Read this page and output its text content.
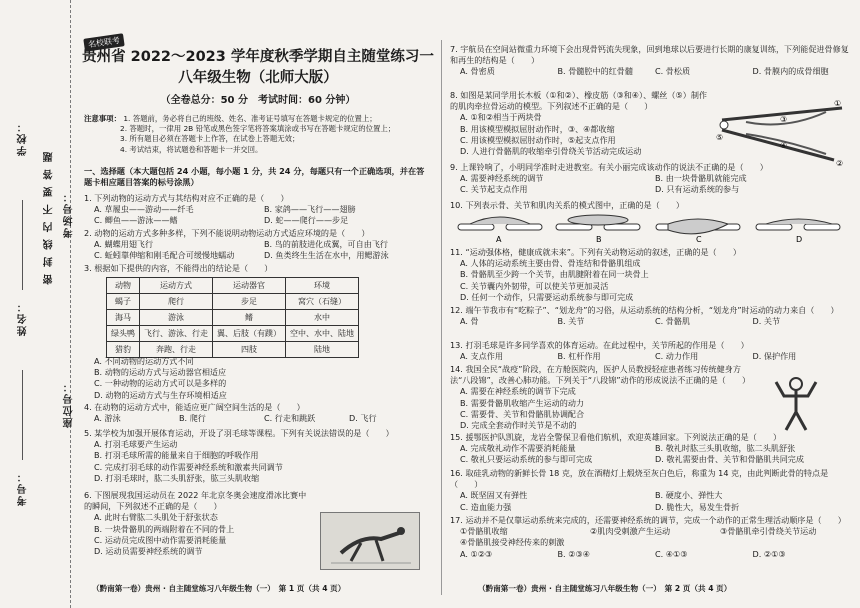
考号：
姓名：
学校：
密 封 线 内 不 要 答 题 考场号：
座位号：
贵州省 2022～2023 学年度秋季学期自主随堂练习一
八年级生物（北师大版）
（全卷总分：50 分　考试时间：60 分钟）
注意事项： 1. 答题前，务必将自己的班级、姓名、准考证号填写在答题卡规定的位置上；
2. 答题时，一律用 2B 铅笔或黑色签字笔将答案填涂或书写在答题卡规定的位置上；
3. 所有题目必须在答题卡上作答，在试卷上答题无效；
4. 考试结束，将试题卷和答题卡一并交回。
一、选择题（本大题包括 24 小题，每小题 1 分，共 24 分，每题只有一个正确选项，并在答题卡相应题目答案的标号涂黑）
1. 下列动物的运动方式与其结构对应不正确的是（　　）
A. 草履虫——游动——纤毛	B. 家鸽——飞行——翅膀
C. 鲫鱼——游泳——鳍	D. 蛇——爬行——步足
2. 动物的运动方式多种多样，下列不能说明动物运动方式适应环境的是（　　）
A. 蝴蝶用翅飞行	B. 鸟的前肢进化成翼，可自由飞行
C. 蚯蚓靠伸缩和刚毛配合可缓慢地蠕动	D. 鱼类终生生活在水中，用鳃游泳
3. 根据如下提供的内容，不能得出的结论是（　　）
动物	运动方式	运动器官	环境
蝎子	爬行	步足	窝穴（石缝）
海马	游泳	鳍	水中
绿头鸭	飞行、游泳、行走	翼、后肢（有蹼）	空中、水中、陆地
猎豹	奔跑、行走	四肢	陆地
A. 不同动物的运动方式不同
B. 动物的运动方式与运动器官相适应
C. 一种动物的运动方式可以是多样的
D. 动物的运动方式与生存环境相适应
4. 在动物的运动方式中，能适应更广阔空间生活的是（　　）
A. 游泳	B. 爬行	C. 行走和跳跃	D. 飞行
5. 某学校为加强开展体育运动，开设了羽毛球等课程。下列有关说法错误的是（　　）
A. 打羽毛球要产生运动
B. 打羽毛球所需的能量来自于细胞的呼吸作用
C. 完成打羽毛球的动作需要神经系统和激素共同调节
D. 打羽毛球时，肱二头肌舒张，肱三头肌收缩
6. 下图展现我国运动员在 2022 年北京冬奥会速度滑冰比赛中的瞬间，下列叙述不正确的是（　　）
A. 此时右臂肱二头肌处于舒张状态
B. 一块骨骼肌的两端附着在不同的骨上
C. 运动员完成图中动作需要消耗能量
D. 运动员需要神经系统的调节
（黔南第一卷）贵州 · 自主随堂练习八年级生物（一）　第 1 页（共 4 页）
名校联考	7. 宇航员在空间站微重力环境下会出现骨钙流失现象，回到地球以后要进行长期的康复训练，下列能促进骨修复和再生的结构是（　　）
A. 骨密质	B. 骨髓腔中的红骨髓	C. 骨松质	D. 骨膜内的成骨细胞
8. 如图是某同学用长木板（①和②）、橡皮筋（③和④）、螺丝（⑤）制作的肌肉牵拉骨运动的模型。下列叙述不正确的是（　　）
A. ①和②相当于两块骨
B. 用该模型模拟屈肘动作时，③、④都收缩
C. 用该模型模拟屈肘动作时，⑤起支点作用
D. 人进行骨骼肌的收缩牵引骨绕关节活动完成运动
①
②
③
④
⑤
9. 上课铃响了，小明同学准时走进教室。有关小丽完成该动作的说法不正确的是（　　）
A. 需要神经系统的调节	B. 由一块骨骼肌就能完成
C. 关节起支点作用	D. 只有运动系统的参与
10. 下列表示骨、关节和肌肉关系的模式图中，正确的是（　　）
A	B	C	D
11. “运动强体格，健康成就未来”。下列有关动物运动的叙述，正确的是（　　）
A. 人体的运动系统主要由骨、骨连结和骨骼肌组成
B. 骨骼肌至少跨一个关节，由肌腱附着在同一块骨上
C. 关节囊内外韧带，可以使关节更加灵活
D. 任何一个动作，只需要运动系统参与即可完成
12. 端午节我市有“吃粽子”、“划龙舟”的习俗，从运动系统的结构分析，“划龙舟”时运动的动力来自（　　）
A. 骨	B. 关节	C. 骨骼肌	D. 关节
13. 打羽毛球是许多同学喜欢的体育运动。在此过程中，关节所起的作用是（　　）
A. 支点作用	B. 杠杆作用	C. 动力作用	D. 保护作用
14. 我国全民“战疫”阶段，在方舱医院内，医护人员教授轻症患者练习传统健身方法“八段锦”，改善心肺功能。下列关于“八段锦”动作的形成说法不正确的是（　　）
A. 需要在神经系统的调节下完成
B. 需要骨骼肌收缩产生运动的动力
C. 需要骨、关节和骨骼肌协调配合
D. 完成全套动作时关节是不动的
15. 援鄂医护队凯旋，龙岩全警保卫看他们航机，欢迎英雄回家。下列说法正确的是（　　）
A. 完成敬礼动作不需要消耗能量	B. 敬礼时肱三头肌收缩，肱二头肌舒张
C. 敬礼只要运动系统的参与即可完成	D. 敬礼需要由骨、关节和骨骼肌共同完成
16. 取硅乳动物的新鲜长骨 18 克，放在酒精灯上煅烧至灰白色后，称重为 14 克，由此判断此骨的特点是（　　）
A. 既坚固又有弹性	B. 硬度小、弹性大
C. 造血能力强	D. 脆性大，易发生骨折
17. 运动并不是仅靠运动系统来完成的，还需要神经系统的调节，完成一个动作的正常生理活动顺序是（　　）
①骨骼肌收缩	②肌肉受刺激产生运动	③骨骼肌牵引骨绕关节运动
④骨骼肌接受神经传来的刺激
A. ①②③	B. ②③④	C. ④①③	D. ②①③
（黔南第一卷）贵州 · 自主随堂练习八年级生物（一）　第 2 页（共 4 页）
